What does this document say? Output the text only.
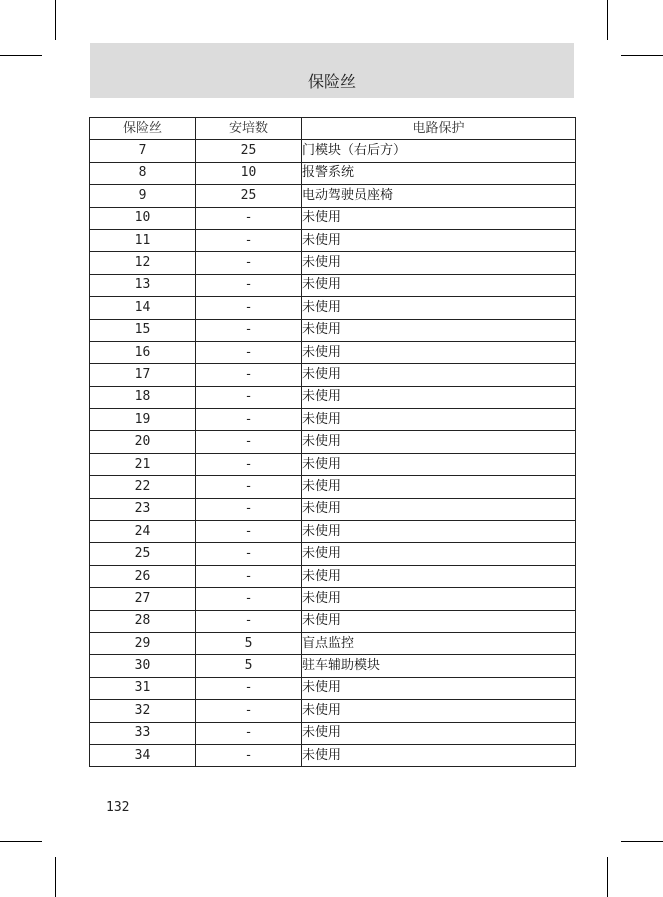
保险丝
保险丝	安培数	电路保护
7	25	门模块（右后方）
8	10	报警系统
9	25	电动驾驶员座椅
10	-	未使用
11	-	未使用
12	-	未使用
13	-	未使用
14	-	未使用
15	-	未使用
16	-	未使用
17	-	未使用
18	-	未使用
19	-	未使用
20	-	未使用
21	-	未使用
22	-	未使用
23	-	未使用
24	-	未使用
25	-	未使用
26	-	未使用
27	-	未使用
28	-	未使用
29	5	盲点监控
30	5	驻车辅助模块
31	-	未使用
32	-	未使用
33	-	未使用
34	-	未使用
132
